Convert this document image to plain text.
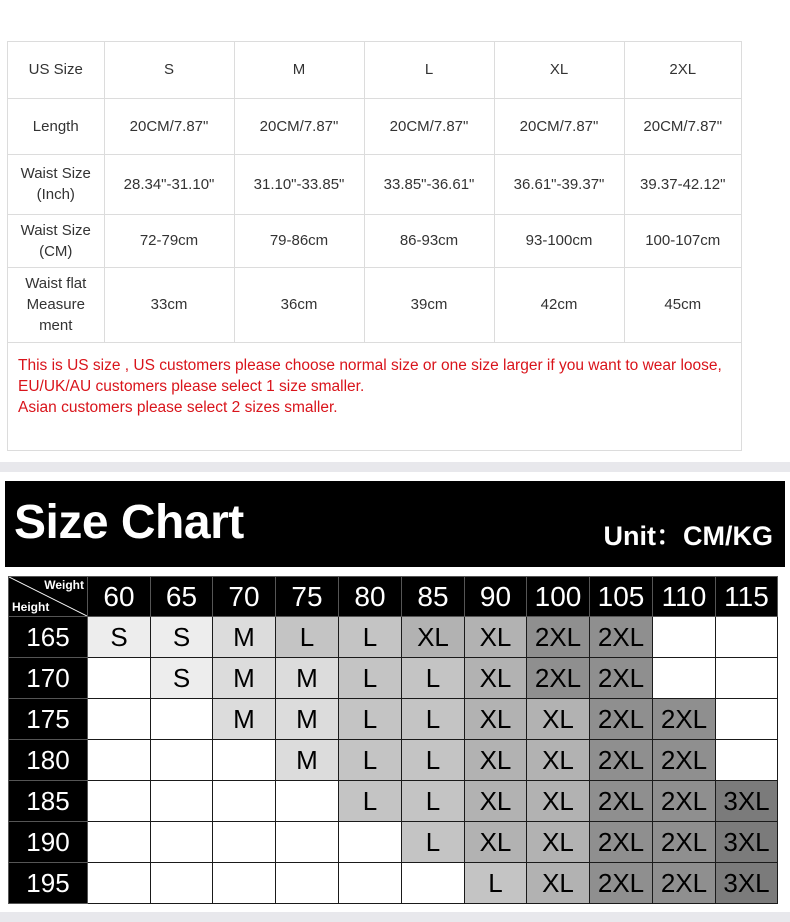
US Size	S	M	L	XL	2XL
Length	20CM/7.87"	20CM/7.87"	20CM/7.87"	20CM/7.87"	20CM/7.87"
Waist Size
(Inch)	28.34"-31.10"	31.10"-33.85"	33.85"-36.61"	36.61"-39.37"	39.37-42.12"
Waist Size
(CM)	72-79cm	79-86cm	86-93cm	93-100cm	100-107cm
Waist flat
Measure
ment	33cm	36cm	39cm	42cm	45cm
This is US size , US customers please choose normal size or one size larger if you want to wear loose,
EU/UK/AU customers please select 1 size smaller.
Asian customers please select 2 sizes smaller.
Size Chart	Unit：CM/KG
Weight
Height	60	65	70	75	80	85	90	100	105	110	115
165	S	S	M	L	L	XL	XL	2XL	2XL		
170		S	M	M	L	L	XL	2XL	2XL		
175			M	M	L	L	XL	XL	2XL	2XL	
180				M	L	L	XL	XL	2XL	2XL	
185					L	L	XL	XL	2XL	2XL	3XL
190						L	XL	XL	2XL	2XL	3XL
195							L	XL	2XL	2XL	3XL
